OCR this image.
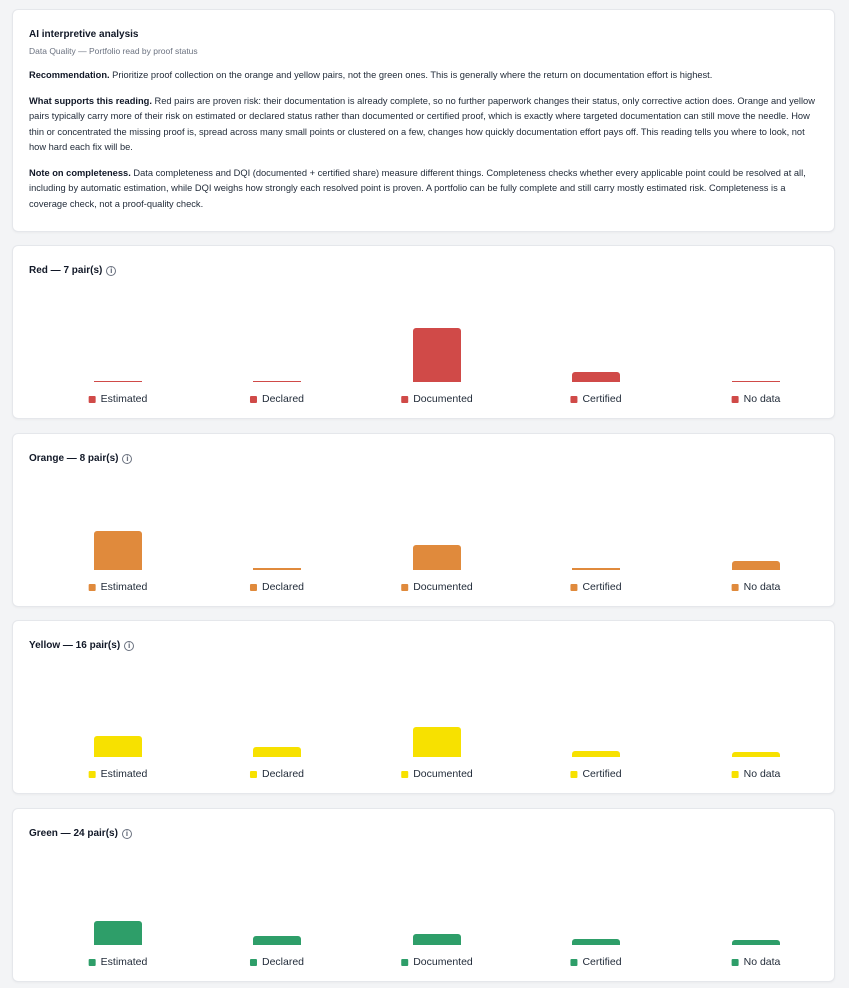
AI interpretive analysis
Data Quality — Portfolio read by proof status

Recommendation. Prioritize proof collection on the orange and yellow pairs, not the green ones. This is generally where the return on documentation effort is highest.

What supports this reading. Red pairs are proven risk: their documentation is already complete, so no further paperwork changes their status, only corrective action does. Orange and yellow pairs typically carry more of their risk on estimated or declared status rather than documented or certified proof, which is exactly where targeted documentation can still move the needle. How thin or concentrated the missing proof is, spread across many small points or clustered on a few, changes how quickly documentation effort pays off. This reading tells you where to look, not how hard each fix will be.

Note on completeness. Data completeness and DQI (documented + certified share) measure different things. Completeness checks whether every applicable point could be resolved at all, including by automatic estimation, while DQI weighs how strongly each resolved point is proven. A portfolio can be fully complete and still carry mostly estimated risk. Completeness is a coverage check, not a proof-quality check.

Red — 7 pair(s)	i
Estimated	Declared	Documented	Certified	No data
Orange — 8 pair(s)	i
Estimated	Declared	Documented	Certified	No data
Yellow — 16 pair(s)	i
Estimated	Declared	Documented	Certified	No data
Green — 24 pair(s)	i
Estimated	Declared	Documented	Certified	No data
